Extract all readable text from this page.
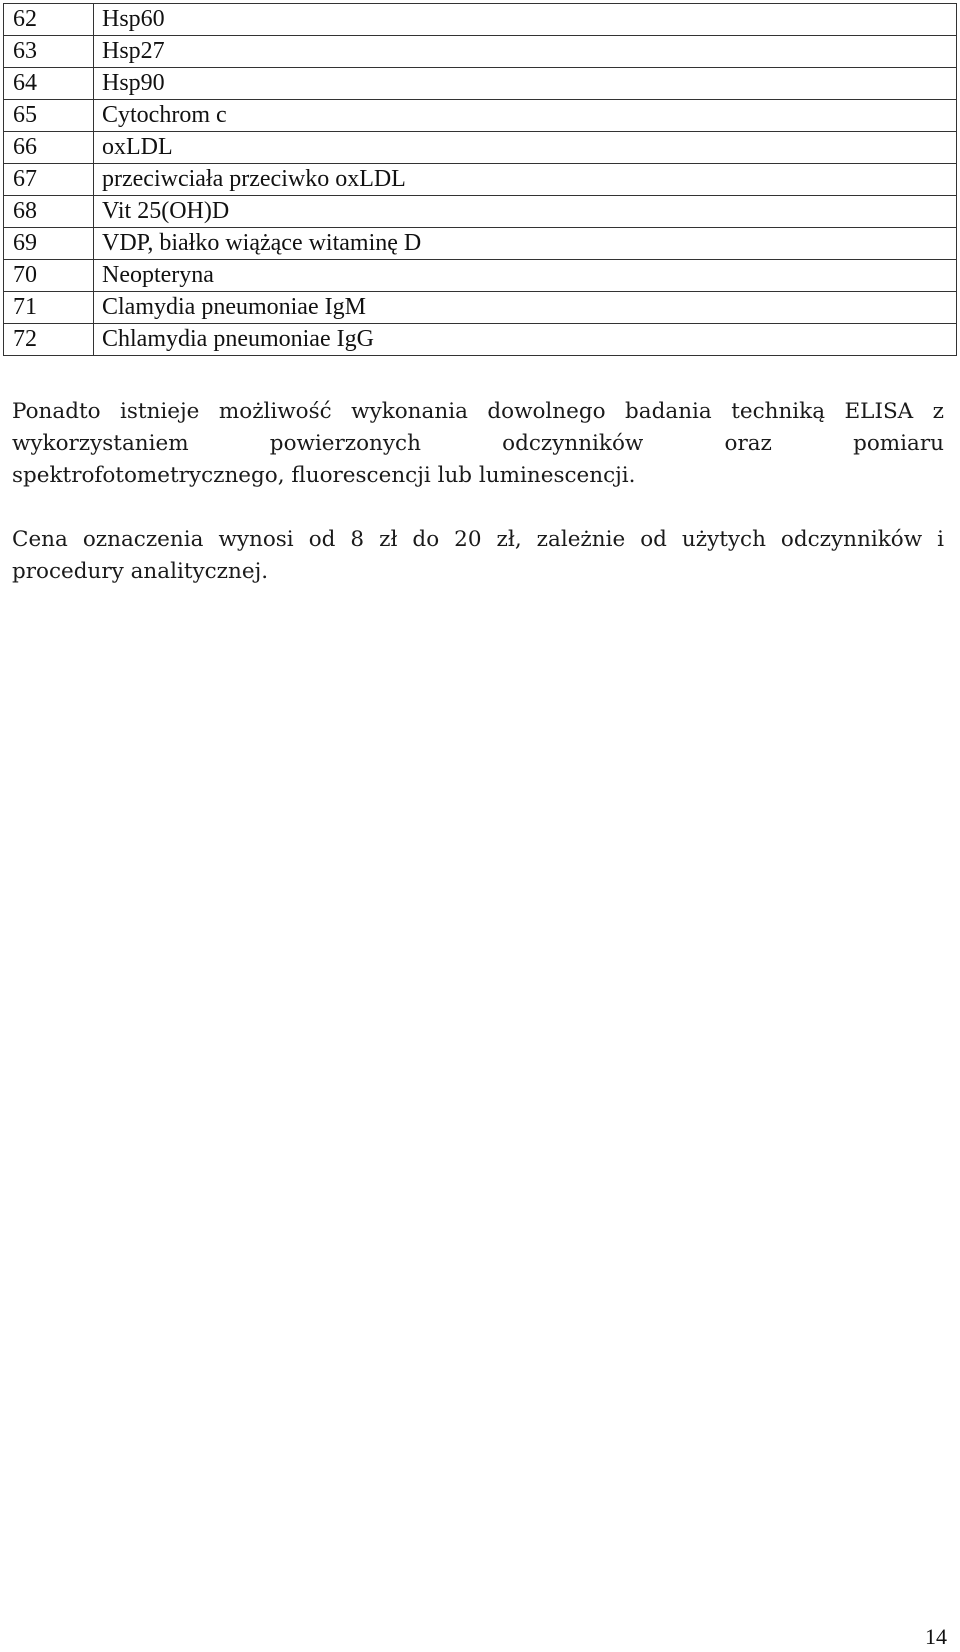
62	Hsp60
63	Hsp27
64	Hsp90
65	Cytochrom c
66	oxLDL
67	przeciwciała przeciwko oxLDL
68	Vit 25(OH)D
69	VDP, białko wiążące witaminę D
70	Neopteryna
71	Clamydia pneumoniae IgM
72	Chlamydia pneumoniae IgG

Ponadto istnieje możliwość wykonania dowolnego badania techniką ELISA z
wykorzystaniem powierzonych odczynników oraz pomiaru
spektrofotometrycznego, fluorescencji lub luminescencji.

Cena oznaczenia wynosi od 8 zł do 20 zł, zależnie od użytych odczynników i
procedury analitycznej.

14
